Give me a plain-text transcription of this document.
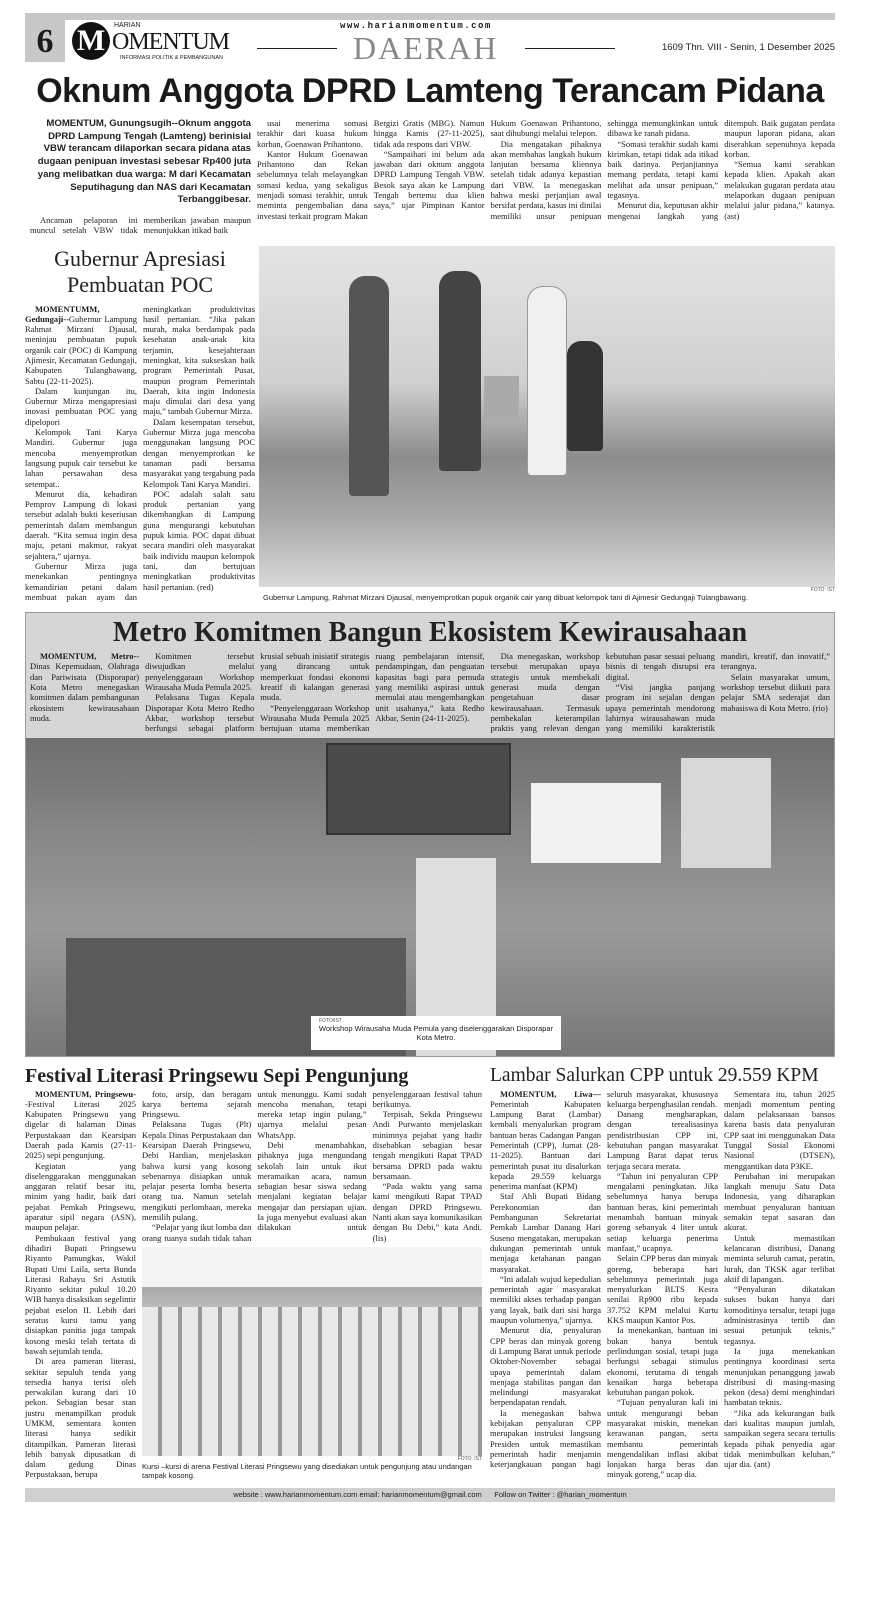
6 M	HARIAN
OMENTUM
INFORMASI POLITIK & PEMBANGUNAN
www.harianmomentum.com
DAERAH	1609 Thn. VIII - Senin, 1 Desember 2025
Oknum Anggota DPRD Lamteng Terancam Pidana
MOMENTUM, Gunungsugih--Oknum anggota DPRD Lampung Tengah (Lamteng) berinisial VBW terancam dilaporkan secara pidana atas dugaan penipuan investasi sebesar Rp400 juta yang melibatkan dua warga: M dari Kecamatan Seputihagung dan NAS dari Kecamatan Terbanggibesar.

Ancaman pelaporan ini muncul setelah VBW tidak memberikan jawaban maupun menunjukkan itikad baik

usai menerima somasi terakhir dari kuasa hukum korban, Goenawan Prihantono.

Kantor Hukum Goenawan Prihantono dan Rekan sebelumnya telah melayangkan somasi kedua, yang sekaligus menjadi somasi terakhir, untuk meminta pengembalian dana investasi terkait program Makan Bergizi Gratis (MBG). Namun hingga Kamis (27-11-2025), tidak ada respons dari VBW.

“Sampaihari ini belum ada jawaban dari oknum anggota DPRD Lampung Tengah VBW. Besok saya akan ke Lampung Tengah bertemu dua klien saya,” ujar Pimpinan Kantor Hukum Goenawan Prihantono, saat dihubungi melalui telepon.

Dia mengatakan pihaknya akan membahas langkah hukum lanjutan bersama kliennya setelah tidak adanya kepastian dari VBW. Ia menegaskan bahwa meski perjanjian awal bersifat perdata, kasus ini dinilai memiliki unsur penipuan sehingga memungkinkan untuk dibawa ke ranah pidana.

“Somasi terakhir sudah kami kirimkan, tetapi tidak ada itikad baik darinya. Perjanjiannya memang perdata, tetapi kami melihat ada unsur penipuan,” tegasnya.

Menurut dia, keputusan akhir mengenai langkah yang ditempuh. Baik gugatan perdata maupun laporan pidana, akan diserahkan sepenuhnya kepada korban.

“Semua kami serahkan kepada klien. Apakah akan melakukan gugatan perdata atau melaporkan dugaan penipuan melalui jalur pidana,” katanya. (ast)

Gubernur Apresiasi
Pembuatan POC

MOMENTUMM, Gedungaji--Gubernur Lampung Rahmat Mirzani Djausal, meninjau pembuatan pupuk organik cair (POC) di Kampung Ajimesir, Kecamatan Gedungaji, Kabupaten Tulangbawang, Sabtu (22-11-2025).

Dalam kunjungan itu, Gubernur Mirza mengapresiasi inovasi pembuatan POC yang dipelopori

Kelompok Tani Karya Mandiri. Gubernur juga mencoba menyemprotkan langsung pupuk cair tersebut ke lahan persawahan desa setempat..

Menurut dia, kehadiran Pemprov Lampung di lokasi tersebut adalah bukti keseriusan pemerintah dalam membangun daerah. “Kita semua ingin desa maju, petani makmur, rakyat sejahtera,” ujarnya.

Gubernur Mirza juga menekankan pentingnya kemandirian petani dalam membuat pakan ayam dan meningkatkan produktivitas hasil pertanian. “Jika pakan murah, maka berdampak pada kesehatan anak-anak kita terjamin, kesejahteraan meningkat, kita sukseskan baik program Pemerintah Pusat, maupun program Pemerintah Daerah, kita ingin Indonesia maju dimulai dari desa yang maju,” tambah Gubernur Mirza.

Dalam kesempatan tersebut, Gubernur Mirza juga mencoba menggunakan langsung POC dengan menyemprotkan ke tanaman padi bersama masyarakat yang tergabung pada Kelompok Tani Karya Mandiri.

POC adalah salah satu produk pertanian yang dikembangkan di Lampung guna mengurangi kebutuhan pupuk kimia. POC dapat dibuat secara mandiri oleh masyarakat baik individu maupun kelompok tani, dan bertujuan meningkatkan produktivitas hasil pertanian. (red)	FOTO: IST
Gubernur Lampung, Rahmat Mirzani Djausal, menyemprotkan pupuk organik cair yang dibuat kelompok tani di Ajimesir Gedungaji Tulangbawang.
Metro Komitmen Bangun Ekosistem Kewirausahaan

MOMENTUM, Metro--Dinas Kepemudaan, Olahraga dan Pariwisata (Disporapar) Kota Metro menegaskan komitmen dalam pembangunan ekosistem kewirausahaan muda.

Komitmen tersebut diwujudkan melalui penyelenggaraan Workshop Wirausaha Muda Pemula 2025.

Pelaksana Tugas Kepala Disporapar Kota Metro Redho Akbar, workshop tersebut berfungsi sebagai platform krusial sebuah inisiatif strategis yang dirancang untuk memperkuat fondasi ekonomi kreatif di kalangan generasi muda.

“Penyelenggaraan Workshop Wirausaha Muda Pemula 2025 bertujuan utama memberikan ruang pembelajaran intensif, pendampingan, dan penguatan kapasitas bagi para pemuda yang memiliki aspirasi untuk memulai atau mengembangkan unit usahanya,” kata Redho Akbar, Senin (24-11-2025).

Dia menegaskan, workshop tersebut merupakan upaya strategis untuk membekali generasi muda dengan pengetahuan dasar kewirausahaan. Termasuk pembekalan keterampilan praktis yang relevan dengan kebutuhan pasar sesuai peluang bisnis di tengah disrupsi era digital.

“Visi jangka panjang program ini sejalan dengan upaya pemerintah mendorong lahirnya wirausahawan muda yang memiliki karakteristik mandiri, kreatif, dan inovatif,” terangnya.

Selain masyarakat umum, workshop tersebut diikuti para pelajar SMA sederajat dan mahasiswa di Kota Metro. (rio)

FOTO/IST
Workshop Wirausaha Muda Pemula yang diselenggarakan Disporapar Kota Metro.
Festival Literasi Pringsewu Sepi Pengunjung

MOMENTUM, Pringsewu--Festival Literasi 2025 Kabupaten Pringsewu yang digelar di halaman Dinas Perpustakaan dan Kearsipan Daerah pada Kamis (27-11-2025) sepi pengunjung.

Kegiatan yang diselenggarakan menggunakan anggaran relatif besar itu, minim yang hadir, baik dari pejabat Pemkab Pringsewu, aparatur sipil negara (ASN), maupun pelajar.

Pembukaan festival yang dihadiri Bupati Pringsewu Riyanto Pamungkas, Wakil Bupati Umi Laila, serta Bunda Literasi Rahayu Sri Astutik Riyanto sekitar pukul 10.20 WIB hanya disaksikan segelintir pejabat eselon II. Lebih dari seratus kursi tamu yang disiapkan panitia juga tampak kosong meski telah tertata di bawah sejumlah tenda.

Di area pameran literasi, sekitar sepuluh tenda yang tersedia hanya terisi oleh perwakilan kurang dari 10 pekon. Sebagian besar stan justru menampilkan produk UMKM, sementara konten literasi hanya sedikit ditampilkan. Pameran literasi lebih banyak dipusatkan di dalam gedung Dinas Perpustakaan, berupa

foto, arsip, dan beragam karya bertema sejarah Pringsewu.

Pelaksana Tugas (Plt) Kepala Dinas Perpustakaan dan Kearsipan Daerah Pringsewu, Debi Hardian, menjelaskan bahwa kursi yang kosong sebenarnya disiapkan untuk pelajar peserta lomba beserta orang tua. Namun setelah mengikuti perlombaan, mereka memilih pulang.

“Pelajar yang ikut lomba dan orang tuanya sudah tidak tahan untuk menunggu. Kami sudah mencoba menahan, tetapi mereka tetap ingin pulang,” ujarnya melalui pesan WhatsApp.

Debi menambahkan, pihaknya juga mengundang sekolah lain untuk ikut meramaikan acara, namun sebagian besar siswa sedang menjalani kegiatan belajar mengajar dan persiapan ujian. Ia juga menyebut evaluasi akan dilakukan untuk penyelenggaraan festival tahun berikutnya.

Terpisah, Sekda Pringsewu Andi Purwanto menjelaskan minimnya pejabat yang hadir disebabkan sebagian besar tengah mengikuti Rapat TPAD bersama DPRD pada waktu bersamaan.

“Pada waktu yang sama kami mengikuti Rapat TPAD dengan DPRD Pringsewu. Nanti akan saya komunikasikan dengan Bu Debi,” kata Andi. (lis)

FOTO: IST
Kursi –kursi di arena Festival Literasi Pringsewu yang disediakan untuk pengunjung atau undangan tampak kosong.
Lambar Salurkan CPP untuk 29.559 KPM

MOMENTUM, Liwa—Pemerintah Kabupaten Lampung Barat (Lambar) kembali menyalurkan program bantuan beras Cadangan Pangan Pemerintah (CPP), Jumat (28-11-2025). Bantuan dari pemerintah pusat itu disalurkan kepada 29.559 keluarga penerima manfaat (KPM)

Staf Ahli Bupati Bidang Perekonomian dan Pembangunan Sekretariat Pemkab Lambar Danang Hari Suseno mengatakan, merupakan dukungan pemerintah untuk menjaga ketahanan pangan masyarakat.

“Ini adalah wujud kepedulian pemerintah agar masyarakat memiliki akses terhadap pangan yang layak, baik dari sisi harga maupun volumenya,” ujarnya.

Menurut dia, penyaluran CPP beras dan minyak goreng di Lampung Barat untuk periode Oktober-November sebagai upaya pemerintah dalam menjaga stabilitas pangan dan melindungi masyarakat berpendapatan rendah.

Ia menegaskan bahwa kebijakan penyaluran CPP merupakan instruksi langsung Presiden untuk memastikan pemerintah hadir menjamin keterjangkauan pangan bagi seluruh masyarakat, khususnya keluarga berpenghasilan rendah.

Danang mengharapkan, dengan terealisasinya pendistribusian CPP ini, kebutuhan pangan masyarakat Lampung Barat dapat terus terjaga secara merata.

“Tahun ini penyaluran CPP mengalami peningkatan. Jika sebelumnya hanya berupa bantuan beras, kini pemerintah menambah bantuan minyak goreng sebanyak 4 liter untuk setiap keluarga penerima manfaat,” ucapnya.

Selain CPP beras dan minyak goreng, beberapa hari sebelumnya pemerintah juga menyalurkan BLTS Kesra senilai Rp900 ribu kepada 37.752 KPM melalui Kartu KKS maupun Kantor Pos.

Ia menekankan, bantuan ini bukan hanya bentuk perlindungan sosial, tetapi juga berfungsi sebagai stimulus ekonomi, terutama di tengah kenaikan harga beberapa kebutuhan pangan pokok.

“Tujuan penyaluran kali ini untuk mengurangi beban masyarakat miskin, menekan kerawanan pangan, serta membantu pemerintah mengendalikan inflasi akibat lonjakan harga beras dan minyak goreng,” ucap dia.

Sementara itu, tahun 2025 menjadi momentum penting dalam pelaksanaan bansos karena basis data penyaluran CPP saat ini menggunakan Data Tunggal Sosial Ekonomi Nasional (DTSEN), menggantikan data P3KE.

Perubahan ini merupakan langkah menuju Satu Data Indonesia, yang diharapkan membuat penyaluran bantuan semakin tepat sasaran dan akurat.

Untuk memastikan kelancaran distribusi, Danang meminta seluruh camat, peratin, lurah, dan TKSK agar terlibat aktif di lapangan.

“Penyaluran dikatakan sukses bukan hanya dari komoditinya tersalur, tetapi juga administrasinya tertib dan sesuai petunjuk teknis,” tegasnya.

Ia juga menekankan pentingnya koordinasi serta menunjukan penanggung jawab distribusi di masing-masing pekon (desa) demi menghindari hambatan teknis.

“Jika ada kekurangan baik dari kualitas maupun jumlah, sampaikan segera secara tertulis kepada pihak penyedia agar tidak menimbulkan keluhan,” ujar dia. (ant)

website : www.harianmomentum.com email: harianmomentum@gmail.com Follow on Twitter : @harian_momentum
